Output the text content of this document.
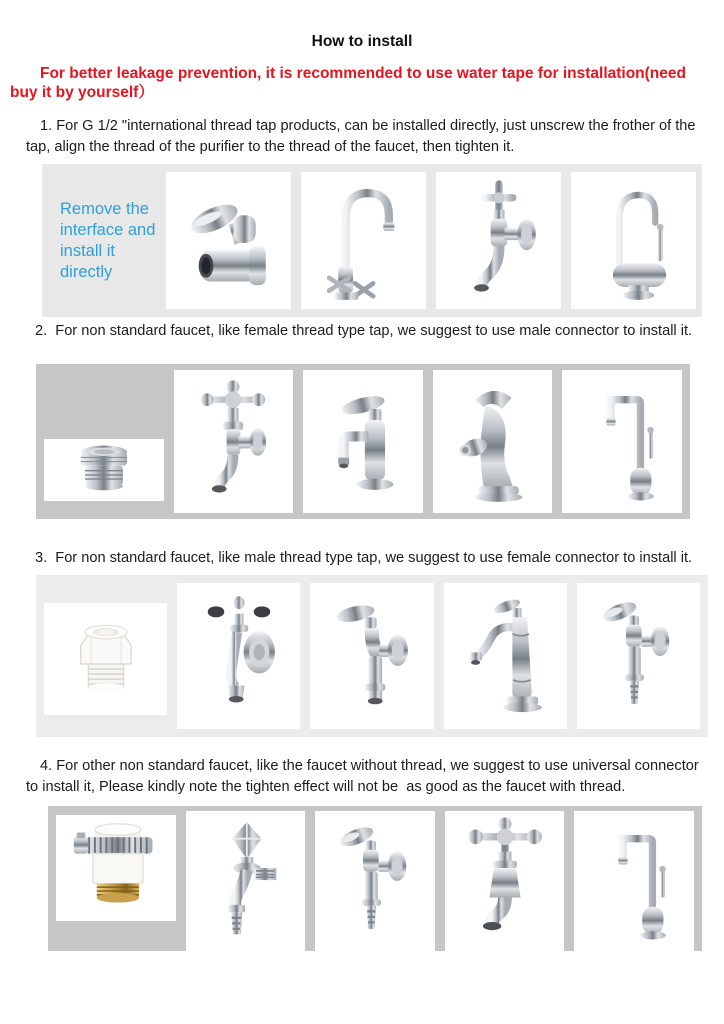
How to install

For better leakage prevention, it is recommended to use water tape for installation(need buy it by yourself）

1. For G 1/2 "international thread tap products, can be installed directly, just unscrew the frother of the tap, align the thread of the purifier to the thread of the faucet, then tighten it.

Remove the interface and install it directly

2.  For non standard faucet, like female thread type tap, we suggest to use male connector to install it.

3.  For non standard faucet, like male thread type tap, we suggest to use female connector to install it.

4. For other non standard faucet, like the faucet without thread, we suggest to use universal connector to install it, Please kindly note the tighten effect will not be  as good as the faucet with thread.
